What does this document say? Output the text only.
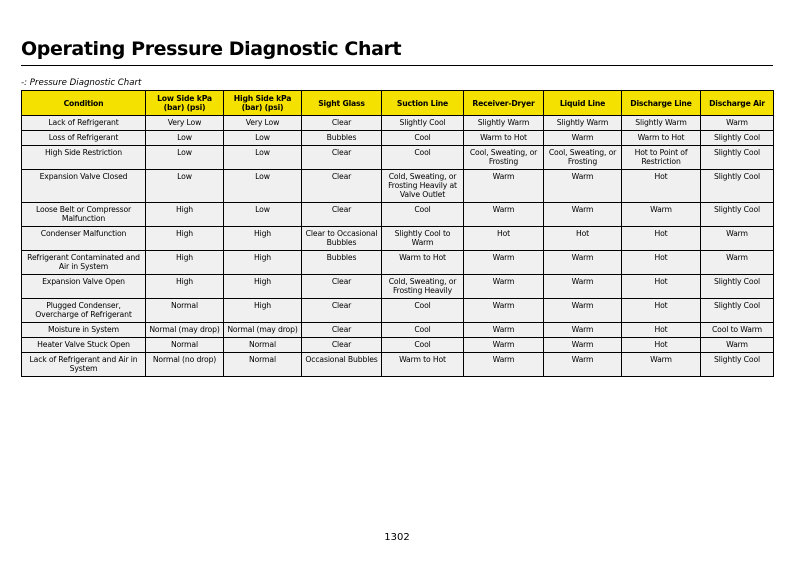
Operating Pressure Diagnostic Chart
-: Pressure Diagnostic Chart
Condition	Low Side kPa (bar) (psi)	High Side kPa (bar) (psi)	Sight Glass	Suction Line	Receiver-Dryer	Liquid Line	Discharge Line	Discharge Air
Lack of Refrigerant	Very Low	Very Low	Clear	Slightly Cool	Slightly Warm	Slightly Warm	Slightly Warm	Warm
Loss of Refrigerant	Low	Low	Bubbles	Cool	Warm to Hot	Warm	Warm to Hot	Slightly Cool
High Side Restriction	Low	Low	Clear	Cool	Cool, Sweating, or Frosting	Cool, Sweating, or Frosting	Hot to Point of Restriction	Slightly Cool
Expansion Valve Closed	Low	Low	Clear	Cold, Sweating, or Frosting Heavily at Valve Outlet	Warm	Warm	Hot	Slightly Cool
Loose Belt or Compressor Malfunction	High	Low	Clear	Cool	Warm	Warm	Warm	Slightly Cool
Condenser Malfunction	High	High	Clear to Occasional Bubbles	Slightly Cool to Warm	Hot	Hot	Hot	Warm
Refrigerant Contaminated and Air in System	High	High	Bubbles	Warm to Hot	Warm	Warm	Hot	Warm
Expansion Valve Open	High	High	Clear	Cold, Sweating, or Frosting Heavily	Warm	Warm	Hot	Slightly Cool
Plugged Condenser, Overcharge of Refrigerant	Normal	High	Clear	Cool	Warm	Warm	Hot	Slightly Cool
Moisture in System	Normal (may drop)	Normal (may drop)	Clear	Cool	Warm	Warm	Hot	Cool to Warm
Heater Valve Stuck Open	Normal	Normal	Clear	Cool	Warm	Warm	Hot	Warm
Lack of Refrigerant and Air in System	Normal (no drop)	Normal	Occasional Bubbles	Warm to Hot	Warm	Warm	Warm	Slightly Cool
1302
